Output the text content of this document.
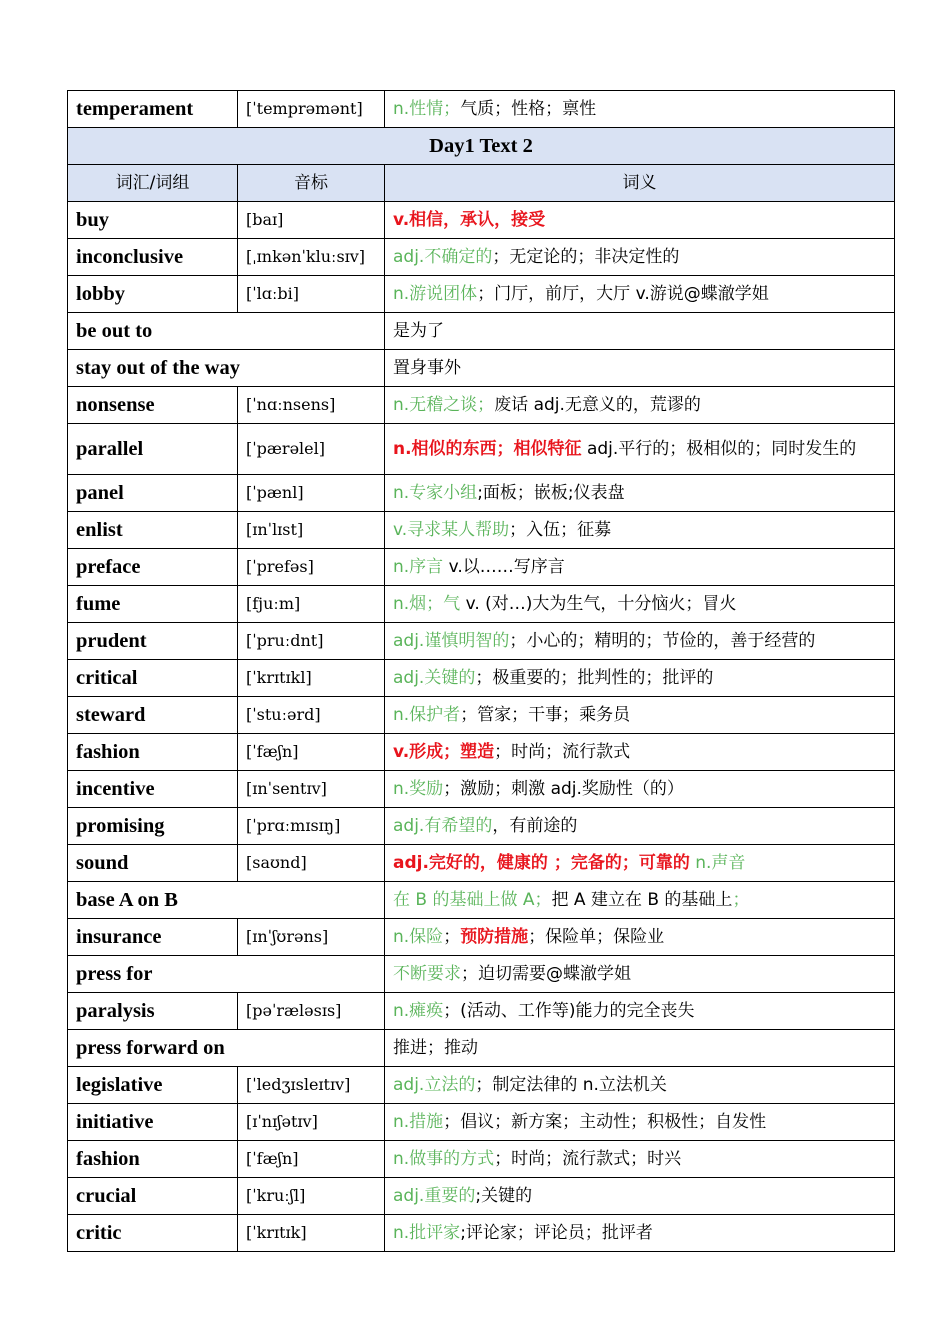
temperament	[ˈtemprəmənt]	n.性情；气质；性格；禀性
Day1 Text 2		
词汇/词组	音标	词义
buy	[baɪ]	v.相信，承认，接受
inconclusive	[ˌɪnkənˈkluːsɪv]	adj.不确定的；无定论的；非决定性的
lobby	[ˈlɑːbi]	n.游说团体；门厅，前厅，大厅 v.游说@蝶澈学姐
be out to		是为了
stay out of the way		置身事外
nonsense	[ˈnɑːnsens]	n.无稽之谈；废话 adj.无意义的，荒谬的
parallel	[ˈpærəlel]	n.相似的东西；相似特征 adj.平行的；极相似的；同时发生的
panel	[ˈpænl]	n.专家小组;面板；嵌板;仪表盘
enlist	[ɪnˈlɪst]	v.寻求某人帮助；入伍；征募
preface	[ˈprefəs]	n.序言 v.以……写序言
fume	[fjuːm]	n.烟；气 v. (对…)大为生气，十分恼火；冒火
prudent	[ˈpruːdnt]	adj.谨慎明智的；小心的；精明的；节俭的，善于经营的
critical	[ˈkrɪtɪkl]	adj.关键的；极重要的；批判性的；批评的
steward	[ˈstuːərd]	n.保护者；管家；干事；乘务员
fashion	[ˈfæʃn]	v.形成；塑造；时尚；流行款式
incentive	[ɪnˈsentɪv]	n.奖励；激励；刺激 adj.奖励性（的）
promising	[ˈprɑːmɪsɪŋ]	adj.有希望的，有前途的
sound	[saʊnd]	adj.完好的，健康的 ；完备的；可靠的 n.声音
base A on B		在 B 的基础上做 A；把 A 建立在 B 的基础上；
insurance	[ɪnˈʃʊrəns]	n.保险；预防措施；保险单；保险业
press for		不断要求；迫切需要@蝶澈学姐
paralysis	[pəˈræləsɪs]	n.瘫痪；(活动、工作等)能力的完全丧失
press forward on		推进；推动
legislative	[ˈledʒɪsleɪtɪv]	adj.立法的；制定法律的 n.立法机关
initiative	[ɪˈnɪʃətɪv]	n.措施；倡议；新方案；主动性；积极性；自发性
fashion	[ˈfæʃn]	n.做事的方式；时尚；流行款式；时兴
crucial	[ˈkruːʃl]	adj.重要的;关键的
critic	[ˈkrɪtɪk]	n.批评家;评论家；评论员；批评者
